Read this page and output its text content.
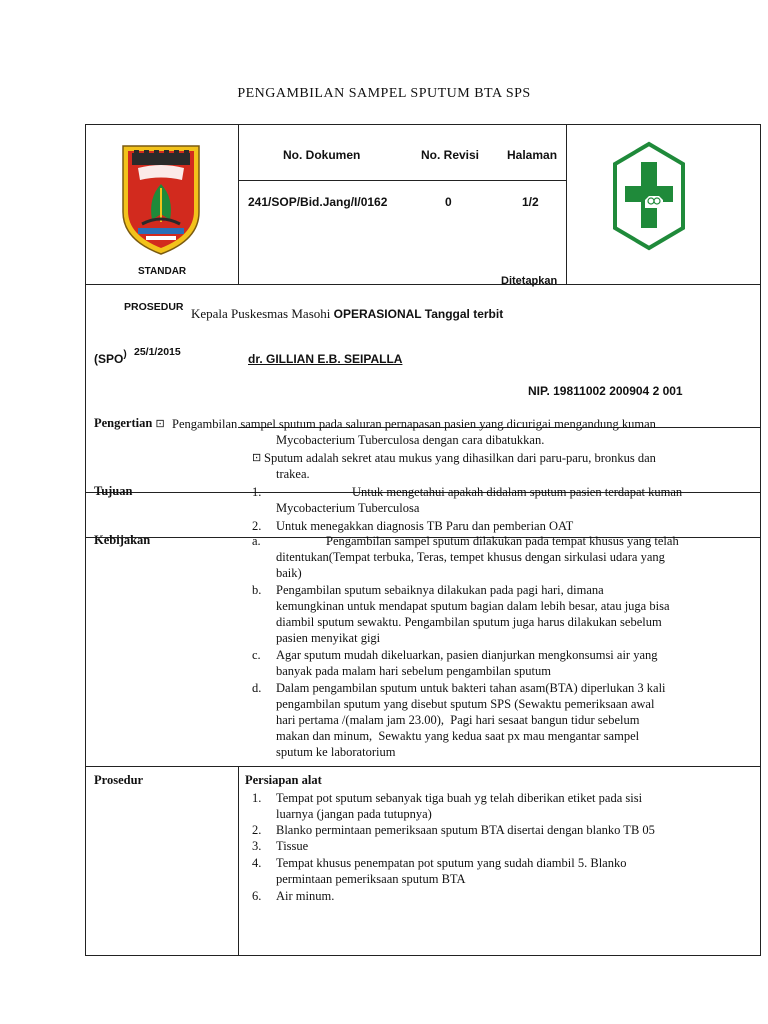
PENGAMBILAN SAMPEL SPUTUM BTA SPS
STANDAR
No. Dokumen	No. Revisi Halaman
241/SOP/Bid.Jang/I/0162	0	1/2
Ditetapkan
PROSEDUR Kepala Puskesmas Masohi OPERASIONAL Tanggal terbit
(SPO) 25/1/2015	dr. GILLIAN E.B. SEIPALLA
NIP. 19811002 200904 2 001
Pengertian ⊡ Pengambilan sampel sputum pada saluran pernapasan pasien yang dicurigai mengandung kuman
Mycobacterium Tuberculosa dengan cara dibatukkan.
⊡ Sputum adalah sekret atau mukus yang dihasilkan dari paru-paru, bronkus dan
trakea.
Tujuan	1.	Untuk mengetahui apakah didalam sputum pasien terdapat kuman
Mycobacterium Tuberculosa
2. Untuk menegakkan diagnosis TB Paru dan pemberian OAT
Kebijakan	a.	Pengambilan sampel sputum dilakukan pada tempat khusus yang telah
ditentukan(Tempat terbuka, Teras, tempet khusus dengan sirkulasi udara yang
baik)
b. Pengambilan sputum sebaiknya dilakukan pada pagi hari, dimana
kemungkinan untuk mendapat sputum bagian dalam lebih besar, atau juga bisa
diambil sputum sewaktu. Pengambilan sputum juga harus dilakukan sebelum
pasien menyikat gigi
c. Agar sputum mudah dikeluarkan, pasien dianjurkan mengkonsumsi air yang
banyak pada malam hari sebelum pengambilan sputum
d. Dalam pengambilan sputum untuk bakteri tahan asam(BTA) diperlukan 3 kali
pengambilan sputum yang disebut sputum SPS (Sewaktu pemeriksaan awal
hari pertama /(malam jam 23.00),  Pagi hari sesaat bangun tidur sebelum
makan dan minum,  Sewaktu yang kedua saat px mau mengantar sampel
sputum ke laboratorium
Prosedur	Persiapan alat
1. Tempat pot sputum sebanyak tiga buah yg telah diberikan etiket pada sisi
luarnya (jangan pada tutupnya)
2. Blanko permintaan pemeriksaan sputum BTA disertai dengan blanko TB 05
3. Tissue
4. Tempat khusus penempatan pot sputum yang sudah diambil 5. Blanko
permintaan pemeriksaan sputum BTA
6. Air minum.
